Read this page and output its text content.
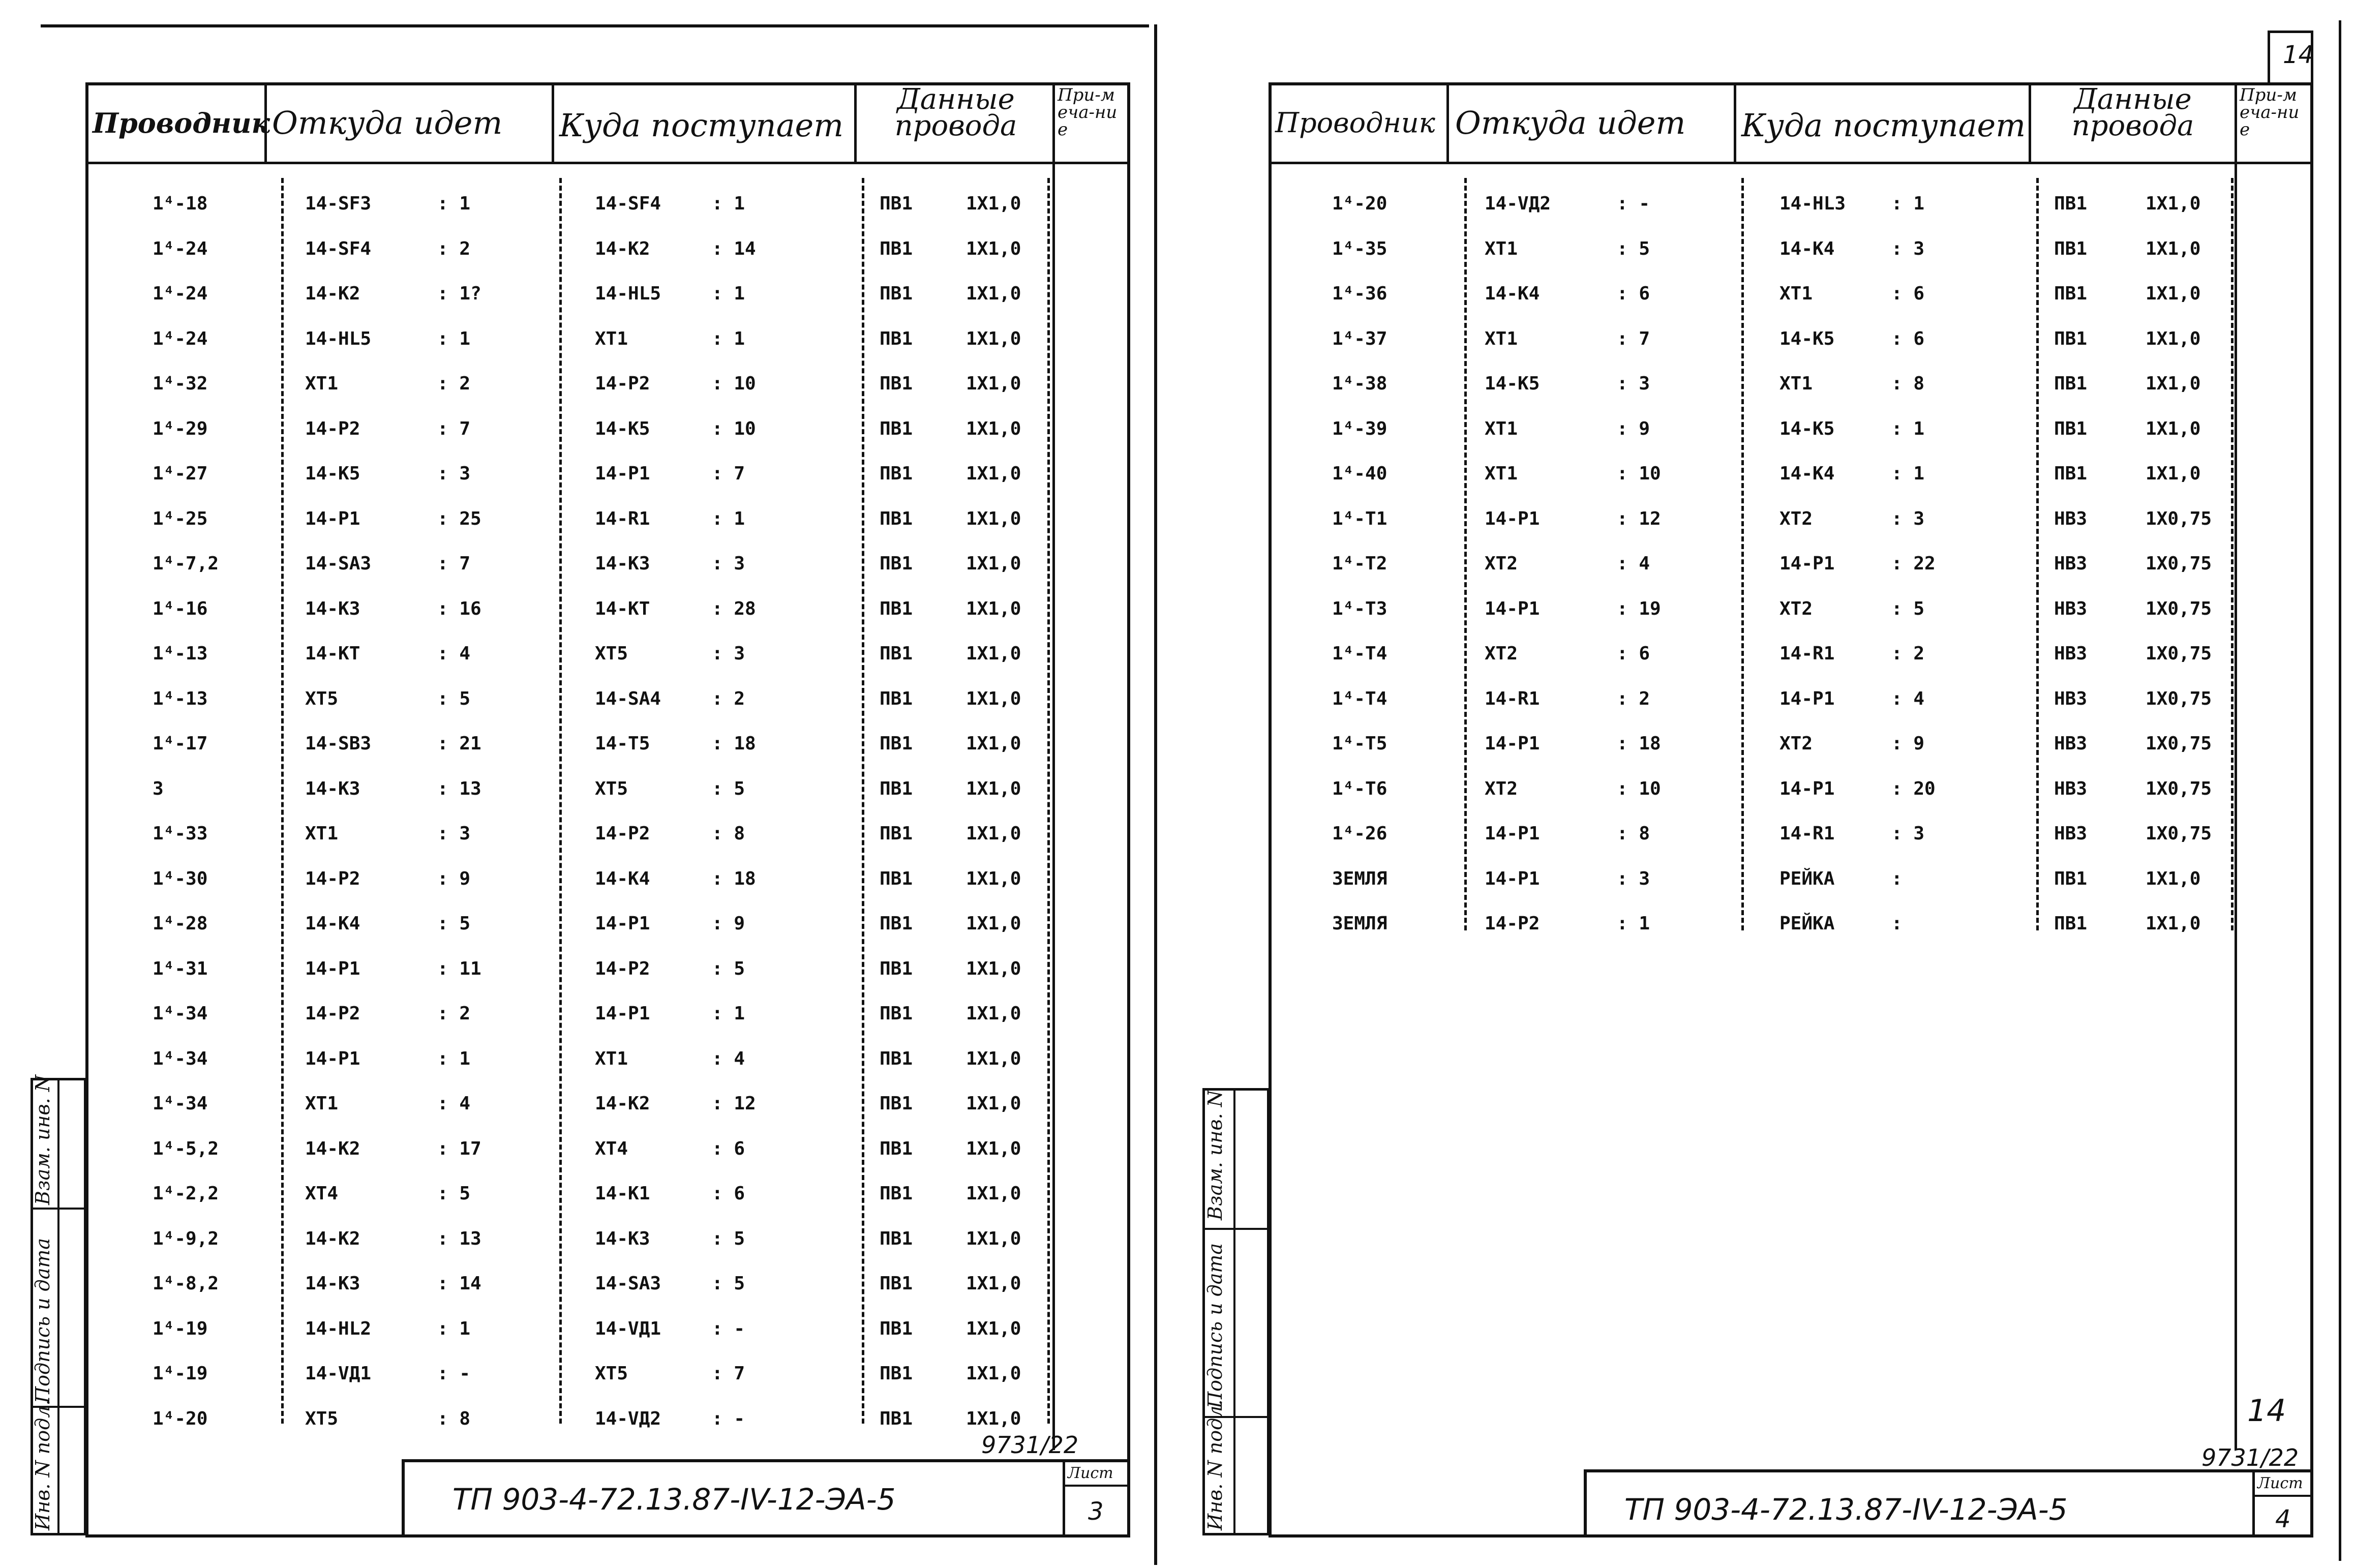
Проводник Откуда идет Куда поступает
Данные провода
При-меча-ние
1⁴-18	14-SF3	: 1	14-SF4	: 1	ПВ1	1Х1,0
1⁴-24	14-SF4	: 2	14-К2	: 14	ПВ1	1Х1,0
1⁴-24	14-К2	: 1?	14-HL5	: 1	ПВ1	1Х1,0
1⁴-24	14-HL5	: 1	ХТ1	: 1	ПВ1	1Х1,0
1⁴-32	ХТ1	: 2	14-Р2	: 10	ПВ1	1Х1,0
1⁴-29	14-Р2	: 7	14-К5	: 10	ПВ1	1Х1,0
1⁴-27	14-К5	: 3	14-Р1	: 7	ПВ1	1Х1,0
1⁴-25	14-Р1	: 25	14-R1	: 1	ПВ1	1Х1,0
1⁴-7,2	14-SA3	: 7	14-К3	: 3	ПВ1	1Х1,0
1⁴-16	14-К3	: 16	14-КТ	: 28	ПВ1	1Х1,0
1⁴-13	14-КТ	: 4	ХТ5	: 3	ПВ1	1Х1,0
1⁴-13	ХТ5	: 5	14-SA4	: 2	ПВ1	1Х1,0
1⁴-17	14-SB3	: 21	14-Т5	: 18	ПВ1	1Х1,0
3	14-К3	: 13	ХТ5	: 5	ПВ1	1Х1,0
1⁴-33	ХТ1	: 3	14-Р2	: 8	ПВ1	1Х1,0
1⁴-30	14-Р2	: 9	14-К4	: 18	ПВ1	1Х1,0
1⁴-28	14-К4	: 5	14-Р1	: 9	ПВ1	1Х1,0
1⁴-31	14-Р1	: 11	14-Р2	: 5	ПВ1	1Х1,0
1⁴-34	14-Р2	: 2	14-Р1	: 1	ПВ1	1Х1,0
1⁴-34	14-Р1	: 1	ХТ1	: 4	ПВ1	1Х1,0
1⁴-34	ХТ1	: 4	14-К2	: 12	ПВ1	1Х1,0
1⁴-5,2	14-К2	: 17	ХТ4	: 6	ПВ1	1Х1,0
1⁴-2,2	ХТ4	: 5	14-К1	: 6	ПВ1	1Х1,0
1⁴-9,2	14-К2	: 13	14-К3	: 5	ПВ1	1Х1,0
1⁴-8,2	14-К3	: 14	14-SA3	: 5	ПВ1	1Х1,0
1⁴-19	14-HL2	: 1	14-VД1	: -	ПВ1	1Х1,0
1⁴-19	14-VД1	: -	ХТ5	: 7	ПВ1	1Х1,0
1⁴-20	ХТ5	: 8	14-VД2	: -	ПВ1	1Х1,0
Инв. N подл.
Подпись и дата
Взам. инв. N
9731/22
ТП 903-4-72.13.87-IV-12-ЭА-5
Лист
3
14
Проводник Откуда идет Куда поступает
Данные провода
При-меча-ние
1⁴-20	14-VД2	: -	14-HL3 : 1	ПВ1	1Х1,0
1⁴-35	ХТ1	: 5	14-К4	: 3	ПВ1	1Х1,0
1⁴-36	14-К4	: 6	ХТ1	: 6	ПВ1	1Х1,0
1⁴-37	ХТ1	: 7	14-К5	: 6	ПВ1	1Х1,0
1⁴-38	14-К5	: 3	ХТ1	: 8	ПВ1	1Х1,0
1⁴-39	ХТ1	: 9	14-К5	: 1	ПВ1	1Х1,0
1⁴-40	ХТ1	: 10	14-К4	: 1	ПВ1	1Х1,0
1⁴-Т1	14-Р1	: 12	ХТ2	: 3	НВ3	1Х0,75
1⁴-Т2	ХТ2	: 4	14-Р1	: 22	НВ3	1Х0,75
1⁴-Т3	14-Р1	: 19	ХТ2	: 5	НВ3	1Х0,75
1⁴-Т4	ХТ2	: 6	14-R1	: 2	НВ3	1Х0,75
1⁴-Т4	14-R1	: 2	14-Р1	: 4	НВ3	1Х0,75
1⁴-Т5	14-Р1	: 18	ХТ2	: 9	НВ3	1Х0,75
1⁴-Т6	ХТ2	: 10	14-Р1	: 20	НВ3	1Х0,75
1⁴-26	14-Р1	: 8	14-R1	: 3	НВ3	1Х0,75
ЗЕМЛЯ	14-Р1	: 3	РЕЙКА	:	ПВ1	1Х1,0
ЗЕМЛЯ	14-Р2	: 1	РЕЙКА	:	ПВ1	1Х1,0
Инв. N подл.
Подпись и дата
Взам. инв. N
14
9731/22
ТП 903-4-72.13.87-IV-12-ЭА-5
Лист
4
